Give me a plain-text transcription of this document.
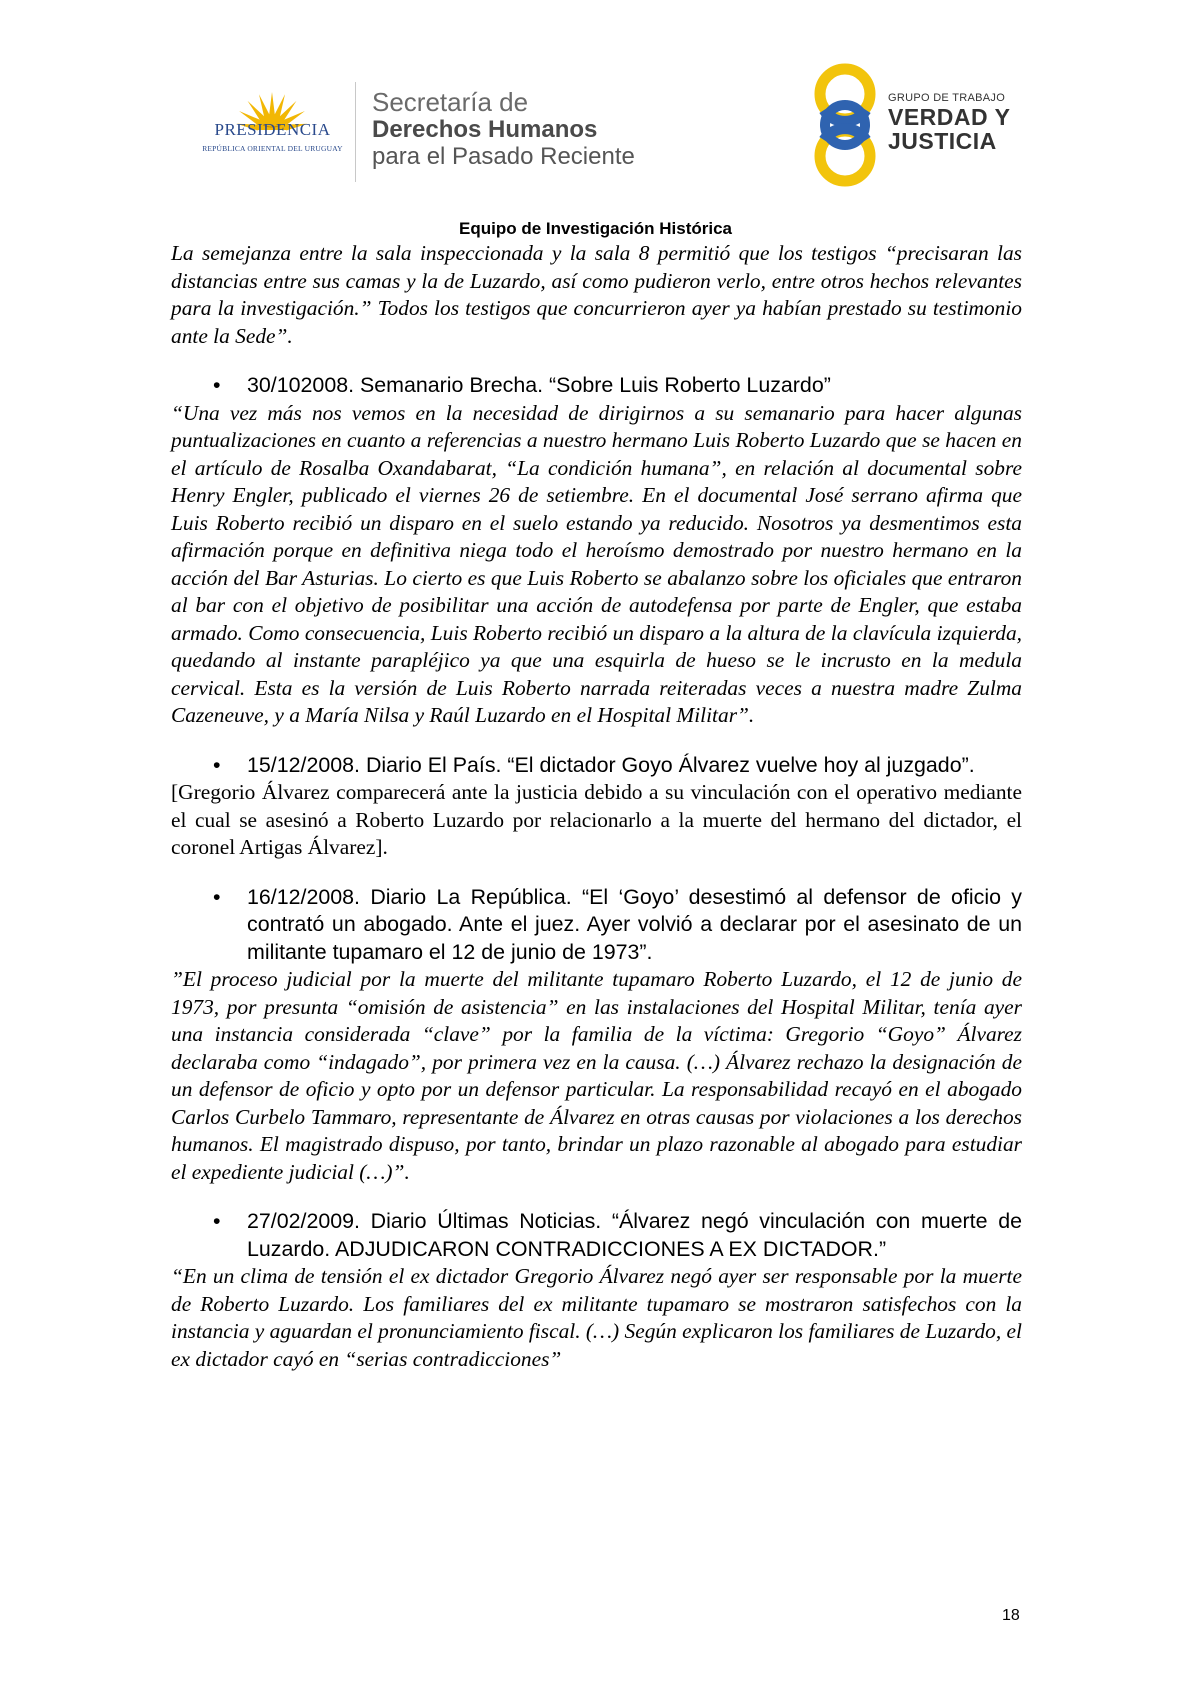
PRESIDENCIA
REPÚBLICA ORIENTAL DEL URUGUAY
Secretaría de
Derechos Humanos
para el Pasado Reciente
GRUPO DE TRABAJO
VERDAD Y
JUSTICIA
Equipo de Investigación Histórica

La semejanza entre la sala inspeccionada y la sala 8 permitió que los testigos “precisaran las distancias entre sus camas y la de Luzardo, así como pudieron verlo, entre otros hechos relevantes para la investigación.” Todos los testigos que concurrieron ayer ya habían prestado su testimonio ante la Sede”.

•	30/102008. Semanario Brecha. “Sobre Luis Roberto Luzardo”

“Una vez más nos vemos en la necesidad de dirigirnos a su semanario para hacer algunas puntualizaciones en cuanto a referencias a nuestro hermano Luis Roberto Luzardo que se hacen en el artículo de Rosalba Oxandabarat, “La condición humana”, en relación al documental sobre Henry Engler, publicado el viernes 26 de setiembre. En el documental José serrano afirma que Luis Roberto recibió un disparo en el suelo estando ya reducido. Nosotros ya desmentimos esta afirmación porque en definitiva niega todo el heroísmo demostrado por nuestro hermano en la acción del Bar Asturias. Lo cierto es que Luis Roberto se abalanzo sobre los oficiales que entraron al bar con el objetivo de posibilitar una acción de autodefensa por parte de Engler, que estaba armado. Como consecuencia, Luis Roberto recibió un disparo a la altura de la clavícula izquierda, quedando al instante parapléjico ya que una esquirla de hueso se le incrusto en la medula cervical. Esta es la versión de Luis Roberto narrada reiteradas veces a nuestra madre Zulma Cazeneuve, y a María Nilsa y Raúl Luzardo en el Hospital Militar”.

•	15/12/2008. Diario El País. “El dictador Goyo Álvarez vuelve hoy al juzgado”.

[Gregorio Álvarez comparecerá ante la justicia debido a su vinculación con el operativo mediante el cual se asesinó a Roberto Luzardo por relacionarlo a la muerte del hermano del dictador, el coronel Artigas Álvarez].

•	16/12/2008. Diario La República. “El ‘Goyo’ desestimó al defensor de oficio y contrató un abogado. Ante el juez. Ayer volvió a declarar por el asesinato de un militante tupamaro el 12 de junio de 1973”.

”El proceso judicial por la muerte del militante tupamaro Roberto Luzardo, el 12 de junio de 1973, por presunta “omisión de asistencia” en las instalaciones del Hospital Militar, tenía ayer una instancia considerada “clave” por la familia de la víctima: Gregorio “Goyo” Álvarez declaraba como “indagado”, por primera vez en la causa. (…) Álvarez rechazo la designación de un defensor de oficio y opto por un defensor particular. La responsabilidad recayó en el abogado Carlos Curbelo Tammaro, representante de Álvarez en otras causas por violaciones a los derechos humanos. El magistrado dispuso, por tanto, brindar un plazo razonable al abogado para estudiar el expediente judicial (…)”.

•	27/02/2009. Diario Últimas Noticias. “Álvarez negó vinculación con muerte de Luzardo. ADJUDICARON CONTRADICCIONES A EX DICTADOR.”

“En un clima de tensión el ex dictador Gregorio Álvarez negó ayer ser responsable por la muerte de Roberto Luzardo. Los familiares del ex militante tupamaro se mostraron satisfechos con la instancia y aguardan el pronunciamiento fiscal. (…) Según explicaron los familiares de Luzardo, el ex dictador cayó en “serias contradicciones”

18
